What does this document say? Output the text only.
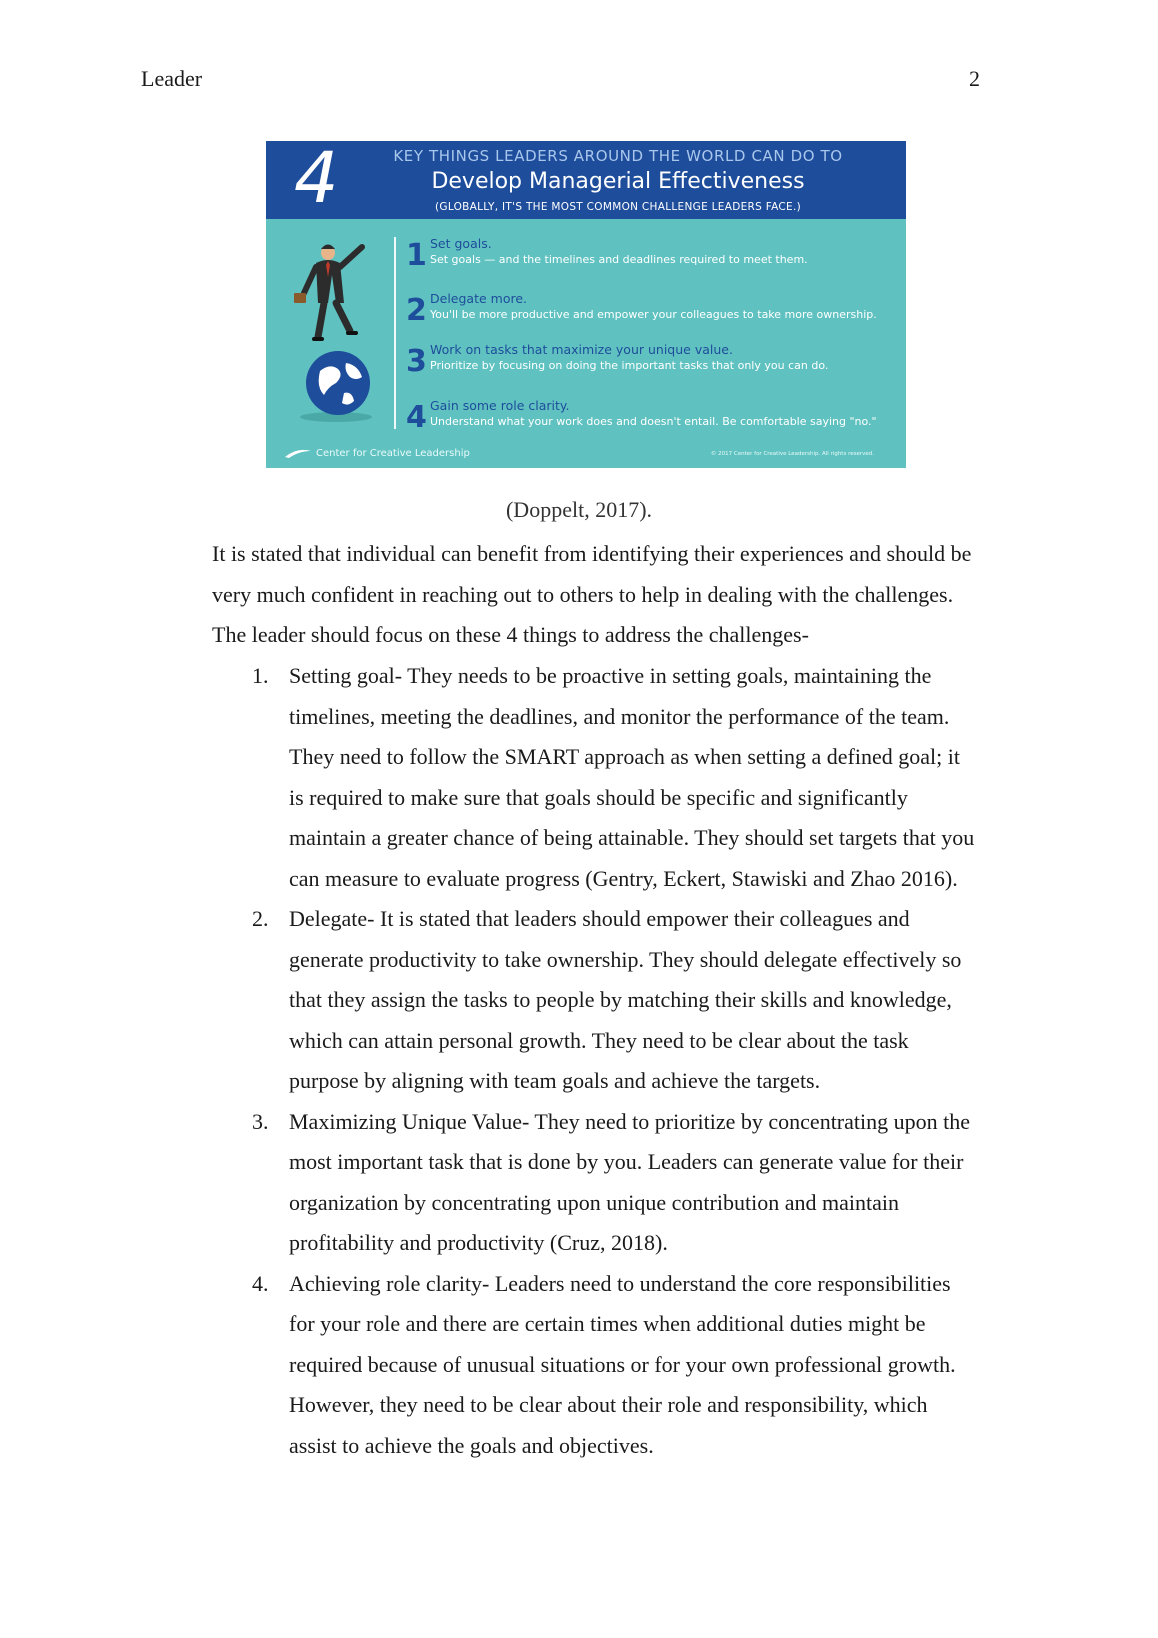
Leader	2
4	KEY THINGS LEADERS AROUND THE WORLD CAN DO TO
Develop Managerial Effectiveness
(GLOBALLY, IT'S THE MOST COMMON CHALLENGE LEADERS FACE.)
1 Set goals.
Set goals — and the timelines and deadlines required to meet them.
2 Delegate more.
You'll be more productive and empower your colleagues to take more ownership.
3 Work on tasks that maximize your unique value.
Prioritize by focusing on doing the important tasks that only you can do.
4 Gain some role clarity.
Understand what your work does and doesn't entail. Be comfortable saying "no."
Center for Creative Leadership	© 2017 Center for Creative Leadership. All rights reserved.
(Doppelt, 2017).
It is stated that individual can benefit from identifying their experiences and should be
very much confident in reaching out to others to help in dealing with the challenges.
The leader should focus on these 4 things to address the challenges-
1. Setting goal- They needs to be proactive in setting goals, maintaining the
timelines, meeting the deadlines, and monitor the performance of the team.
They need to follow the SMART approach as when setting a defined goal; it
is required to make sure that goals should be specific and significantly
maintain a greater chance of being attainable. They should set targets that you
can measure to evaluate progress (Gentry, Eckert, Stawiski and Zhao 2016).
2. Delegate- It is stated that leaders should empower their colleagues and
generate productivity to take ownership. They should delegate effectively so
that they assign the tasks to people by matching their skills and knowledge,
which can attain personal growth. They need to be clear about the task
purpose by aligning with team goals and achieve the targets.
3. Maximizing Unique Value- They need to prioritize by concentrating upon the
most important task that is done by you. Leaders can generate value for their
organization by concentrating upon unique contribution and maintain
profitability and productivity (Cruz, 2018).
4. Achieving role clarity- Leaders need to understand the core responsibilities
for your role and there are certain times when additional duties might be
required because of unusual situations or for your own professional growth.
However, they need to be clear about their role and responsibility, which
assist to achieve the goals and objectives.
